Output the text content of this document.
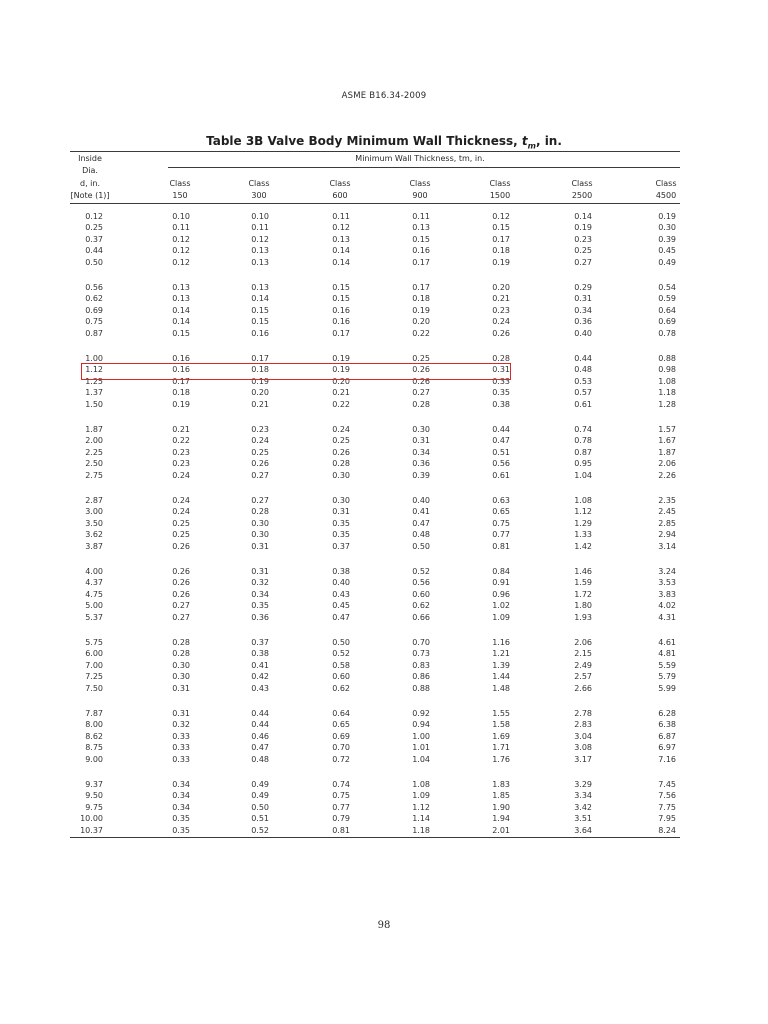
ASME B16.34-2009
Table 3B Valve Body Minimum Wall Thickness, $t_m$, in.
Inside
Dia.
d, in.
[Note (1)]
Minimum Wall Thickness, tm, in.
Class
150
Class
300
Class
600
Class
900
Class
1500
Class
2500
Class
4500
0.12	0.10	0.10	0.11	0.11	0.12	0.14	0.19
0.25	0.11	0.11	0.12	0.13	0.15	0.19	0.30
0.37	0.12	0.12	0.13	0.15	0.17	0.23	0.39
0.44	0.12	0.13	0.14	0.16	0.18	0.25	0.45
0.50	0.12	0.13	0.14	0.17	0.19	0.27	0.49
0.56	0.13	0.13	0.15	0.17	0.20	0.29	0.54
0.62	0.13	0.14	0.15	0.18	0.21	0.31	0.59
0.69	0.14	0.15	0.16	0.19	0.23	0.34	0.64
0.75	0.14	0.15	0.16	0.20	0.24	0.36	0.69
0.87	0.15	0.16	0.17	0.22	0.26	0.40	0.78
1.00	0.16	0.17	0.19	0.25	0.28	0.44	0.88
1.12	0.16	0.18	0.19	0.26	0.31	0.48	0.98
1.25	0.17	0.19	0.20	0.26	0.33	0.53	1.08
1.37	0.18	0.20	0.21	0.27	0.35	0.57	1.18
1.50	0.19	0.21	0.22	0.28	0.38	0.61	1.28
1.87	0.21	0.23	0.24	0.30	0.44	0.74	1.57
2.00	0.22	0.24	0.25	0.31	0.47	0.78	1.67
2.25	0.23	0.25	0.26	0.34	0.51	0.87	1.87
2.50	0.23	0.26	0.28	0.36	0.56	0.95	2.06
2.75	0.24	0.27	0.30	0.39	0.61	1.04	2.26
2.87	0.24	0.27	0.30	0.40	0.63	1.08	2.35
3.00	0.24	0.28	0.31	0.41	0.65	1.12	2.45
3.50	0.25	0.30	0.35	0.47	0.75	1.29	2.85
3.62	0.25	0.30	0.35	0.48	0.77	1.33	2.94
3.87	0.26	0.31	0.37	0.50	0.81	1.42	3.14
4.00	0.26	0.31	0.38	0.52	0.84	1.46	3.24
4.37	0.26	0.32	0.40	0.56	0.91	1.59	3.53
4.75	0.26	0.34	0.43	0.60	0.96	1.72	3.83
5.00	0.27	0.35	0.45	0.62	1.02	1.80	4.02
5.37	0.27	0.36	0.47	0.66	1.09	1.93	4.31
5.75	0.28	0.37	0.50	0.70	1.16	2.06	4.61
6.00	0.28	0.38	0.52	0.73	1.21	2.15	4.81
7.00	0.30	0.41	0.58	0.83	1.39	2.49	5.59
7.25	0.30	0.42	0.60	0.86	1.44	2.57	5.79
7.50	0.31	0.43	0.62	0.88	1.48	2.66	5.99
7.87	0.31	0.44	0.64	0.92	1.55	2.78	6.28
8.00	0.32	0.44	0.65	0.94	1.58	2.83	6.38
8.62	0.33	0.46	0.69	1.00	1.69	3.04	6.87
8.75	0.33	0.47	0.70	1.01	1.71	3.08	6.97
9.00	0.33	0.48	0.72	1.04	1.76	3.17	7.16
9.37	0.34	0.49	0.74	1.08	1.83	3.29	7.45
9.50	0.34	0.49	0.75	1.09	1.85	3.34	7.56
9.75	0.34	0.50	0.77	1.12	1.90	3.42	7.75
10.00	0.35	0.51	0.79	1.14	1.94	3.51	7.95
10.37	0.35	0.52	0.81	1.18	2.01	3.64	8.24
98
